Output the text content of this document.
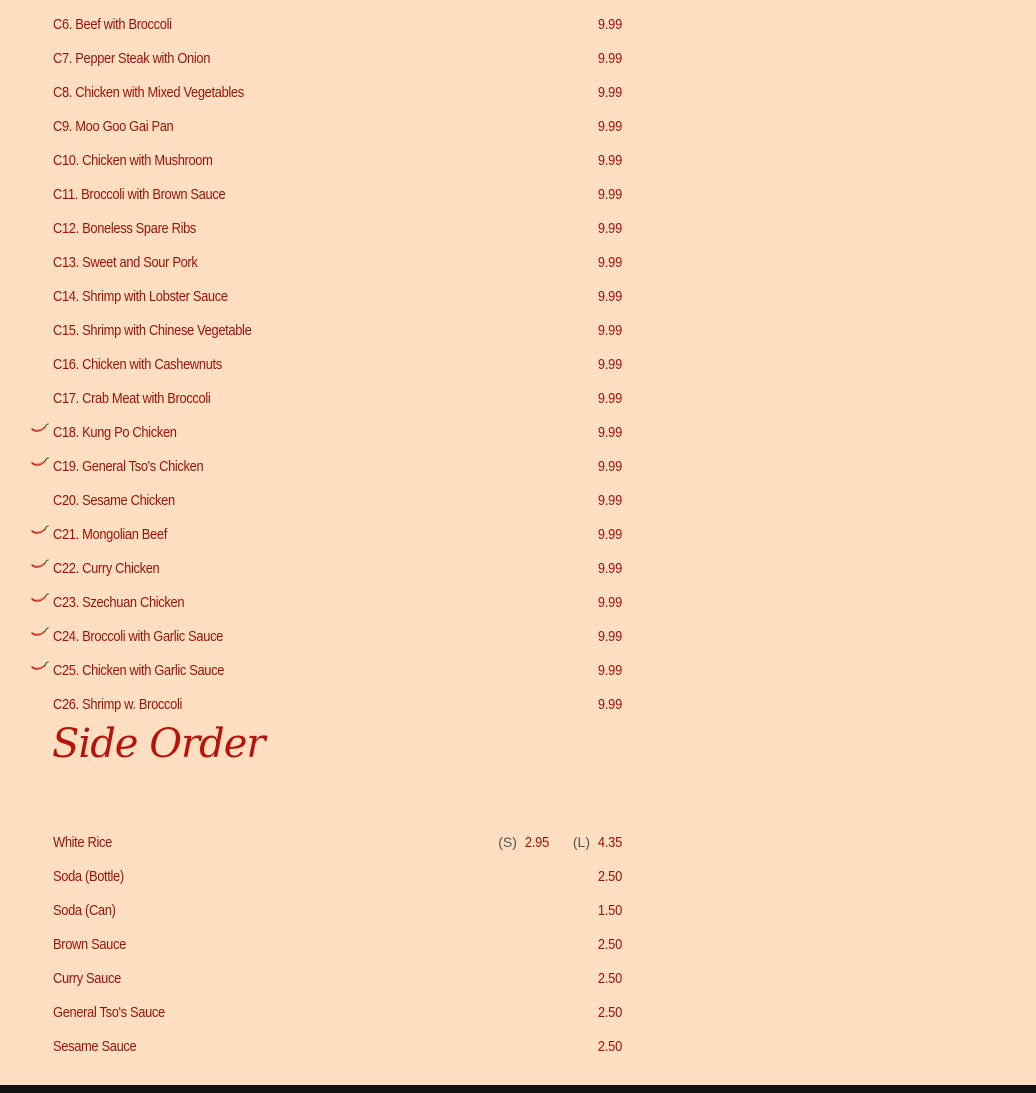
C6. Beef with Broccoli	9.99
C7. Pepper Steak with Onion	9.99
C8. Chicken with Mixed Vegetables	9.99
C9. Moo Goo Gai Pan	9.99
C10. Chicken with Mushroom	9.99
C11. Broccoli with Brown Sauce	9.99
C12. Boneless Spare Ribs	9.99
C13. Sweet and Sour Pork	9.99
C14. Shrimp with Lobster Sauce	9.99
C15. Shrimp with Chinese Vegetable	9.99
C16. Chicken with Cashewnuts	9.99
C17. Crab Meat with Broccoli	9.99
C18. Kung Po Chicken	9.99
C19. General Tso's Chicken	9.99
C20. Sesame Chicken	9.99
C21. Mongolian Beef	9.99
C22. Curry Chicken	9.99
C23. Szechuan Chicken	9.99
C24. Broccoli with Garlic Sauce	9.99
C25. Chicken with Garlic Sauce	9.99
C26. Shrimp w. Broccoli	9.99
Side Order
White Rice	(S) 2.95 (L) 4.35
Soda (Bottle)	2.50
Soda (Can)	1.50
Brown Sauce	2.50
Curry Sauce	2.50
General Tso's Sauce	2.50
Sesame Sauce	2.50
